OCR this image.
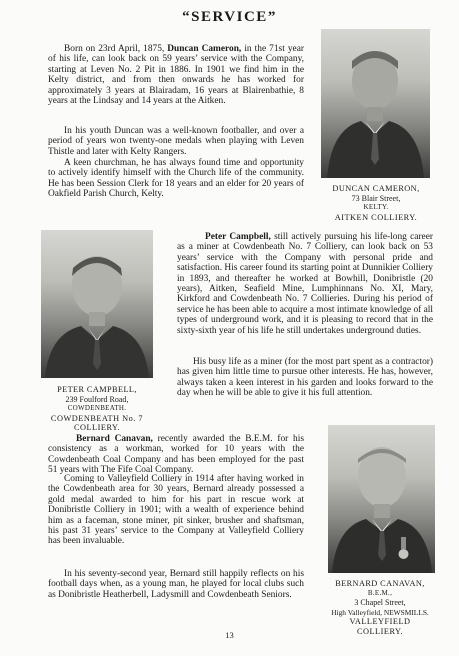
“SERVICE”

Born on 23rd April, 1875, Duncan Cameron, in the 71st year of his life, can look back on 59 years’ service with the Company, starting at Leven No. 2 Pit in 1886. In 1901 we find him in the Kelty district, and from then onwards he has worked for approximately 3 years at Blairadam, 16 years at Blairenbathie, 8 years at the Lindsay and 14 years at the Aitken.

In his youth Duncan was a well-known footballer, and over a period of years won twenty-one medals when playing with Leven Thistle and later with Kelty Rangers.

A keen churchman, he has always found time and opportunity to actively identify himself with the Church life of the community. He has been Session Clerk for 18 years and an elder for 20 years of Oakfield Parish Church, Kelty.

DUNCAN CAMERON,
73 Blair Street,
KELTY.
AITKEN COLLIERY.
PETER CAMPBELL,
239 Foulford Road,
COWDENBEATH.
COWDENBEATH No. 7
COLLIERY.

Peter Campbell, still actively pursuing his life-long career as a miner at Cowdenbeath No. 7 Colliery, can look back on 53 years’ service with the Company with personal pride and satisfaction. His career found its starting point at Dunnikier Colliery in 1893, and thereafter he worked at Bowhill, Donibristle (20 years), Aitken, Seafield Mine, Lumphinnans No. XI, Mary, Kirkford and Cowdenbeath No. 7 Collieries. During his period of service he has been able to acquire a most intimate knowledge of all types of underground work, and it is pleasing to record that in the sixty-sixth year of his life he still undertakes underground duties.

His busy life as a miner (for the most part spent as a contractor) has given him little time to pursue other interests. He has, however, always taken a keen interest in his garden and looks forward to the day when he will be able to give it his full attention.

Bernard Canavan, recently awarded the B.E.M. for his consistency as a workman, worked for 10 years with the Cowdenbeath Coal Company and has been employed for the past 51 years with The Fife Coal Company.

Coming to Valleyfield Colliery in 1914 after having worked in the Cowdenbeath area for 30 years, Bernard already possessed a gold medal awarded to him for his part in rescue work at Donibristle Colliery in 1901; with a wealth of experience behind him as a faceman, stone miner, pit sinker, brusher and shaftsman, his past 31 years’ service to the Company at Valleyfield Colliery has been invaluable.

In his seventy-second year, Bernard still happily reflects on his football days when, as a young man, he played for local clubs such as Donibristle Heatherbell, Ladysmill and Cowdenbeath Seniors.

BERNARD CANAVAN,
B.E.M.,
3 Chapel Street,
High Valleyfield, NEWSMILLS.
VALLEYFIELD
COLLIERY.
13
